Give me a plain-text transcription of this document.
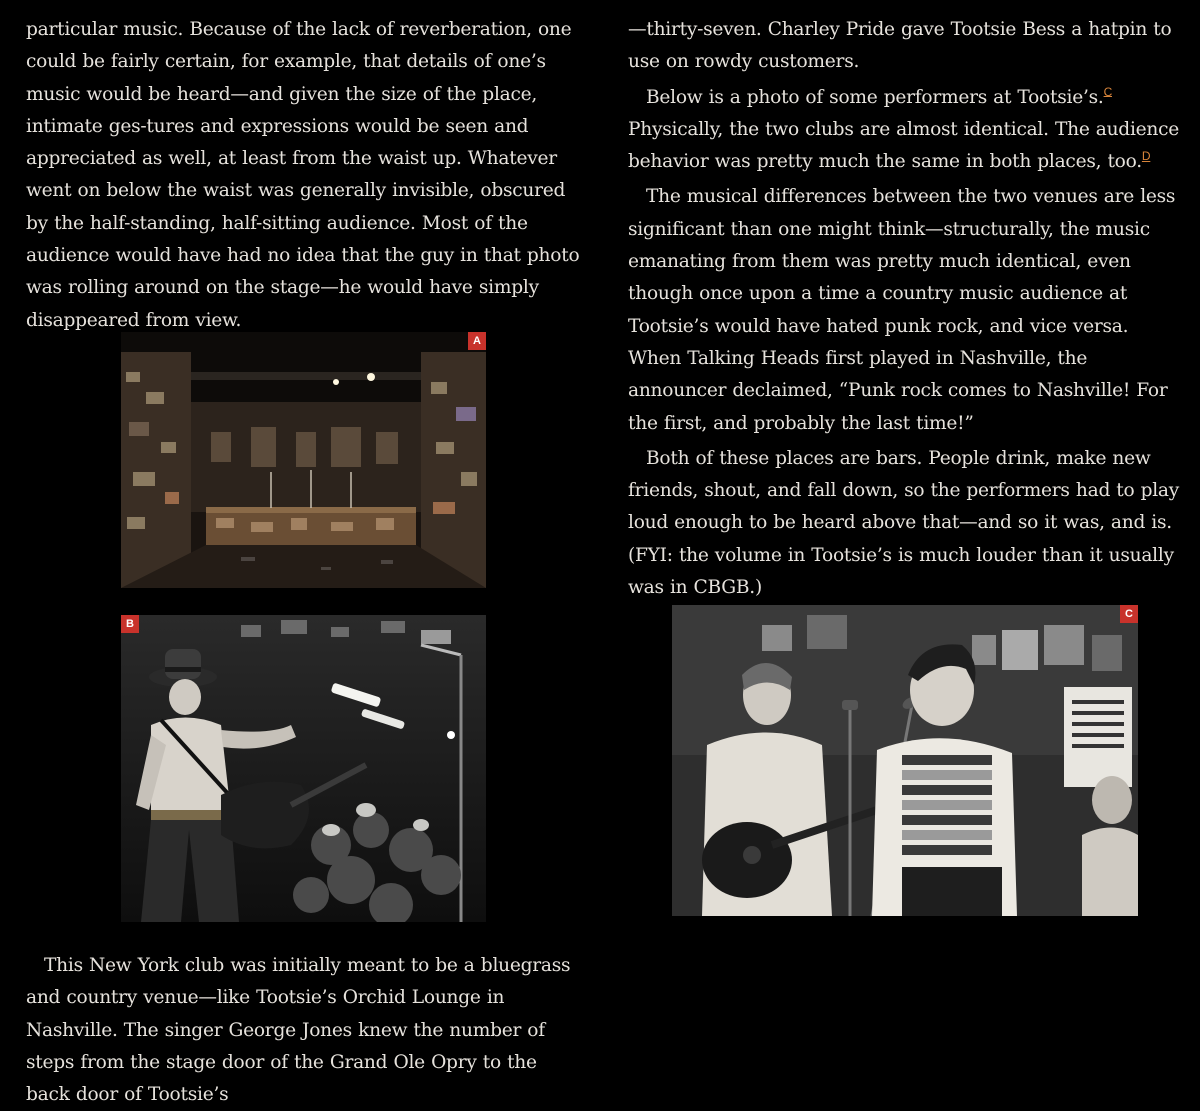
particular music. Because of the lack of reverberation, one could be fairly certain, for example, that details of one’s music would be heard—and given the size of the place, intimate ges-tures and expressions would be seen and appreciated as well, at least from the waist up. Whatever went on below the waist was generally invisible, obscured by the half-standing, half-sitting audience. Most of the audience would have had no idea that the guy in that photo was rolling around on the stage—he would have simply disappeared from view.

A
B

This New York club was initially meant to be a bluegrass and country venue—like Tootsie’s Orchid Lounge in Nashville. The singer George Jones knew the number of steps from the stage door of the Grand Ole Opry to the back door of Tootsie’s

—thirty-seven. Charley Pride gave Tootsie Bess a hatpin to use on rowdy customers.

Below is a photo of some performers at Tootsie’s.$^C$ Physically, the two clubs are almost identical. The audience behavior was pretty much the same in both places, too.$^D$

The musical differences between the two venues are less significant than one might think—structurally, the music emanating from them was pretty much identical, even though once upon a time a country music audience at Tootsie’s would have hated punk rock, and vice versa. When Talking Heads first played in Nashville, the announcer declaimed, “Punk rock comes to Nashville! For the first, and probably the last time!”

Both of these places are bars. People drink, make new friends, shout, and fall down, so the performers had to play loud enough to be heard above that—and so it was, and is. (FYI: the volume in Tootsie’s is much louder than it usually was in CBGB.)

C
